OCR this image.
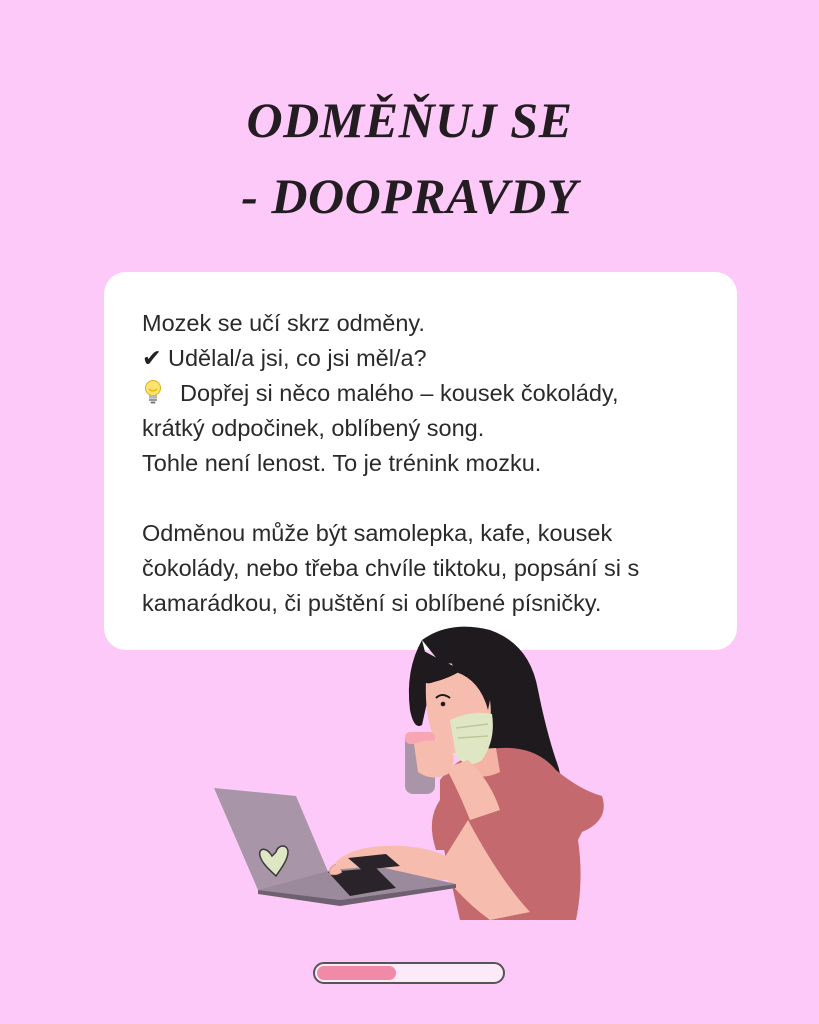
ODMĚŇUJ SE
- DOOPRAVDY

Mozek se učí skrz odměny.
✔ Udělal/a jsi, co jsi měl/a?
Dopřej si něco malého – kousek čokolády,
krátký odpočinek, oblíbený song.
Tohle není lenost. To je trénink mozku.

Odměnou může být samolepka, kafe, kousek
čokolády, nebo třeba chvíle tiktoku, popsání si s
kamarádkou, či puštění si oblíbené písničky.
